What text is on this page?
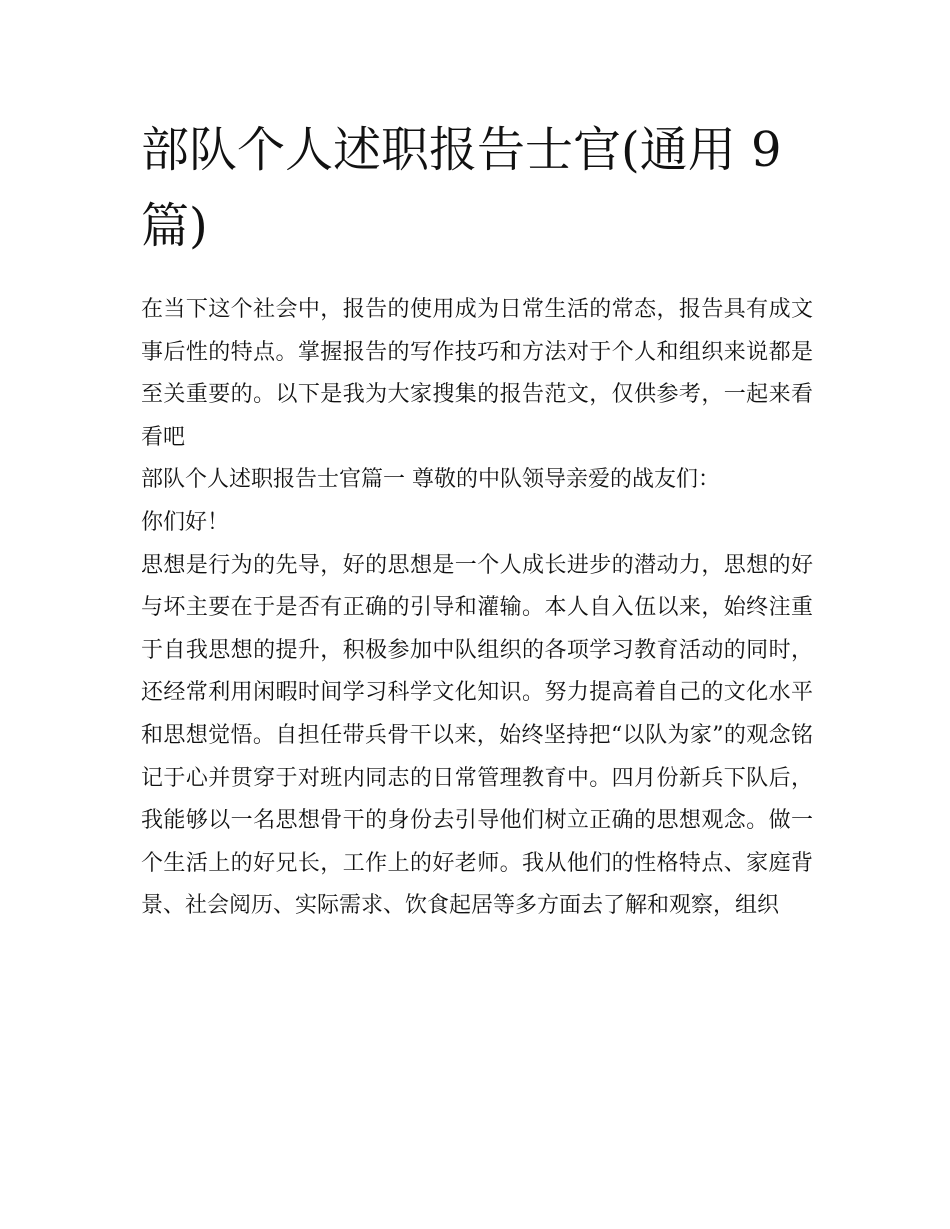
部队个人述职报告士官(通用 9 篇)

在当下这个社会中，报告的使用成为日常生活的常态，报告具有成文事后性的特点。掌握报告的写作技巧和方法对于个人和组织来说都是至关重要的。以下是我为大家搜集的报告范文，仅供参考，一起来看看吧

部队个人述职报告士官篇一 尊敬的中队领导亲爱的战友们：

你们好！

思想是行为的先导，好的思想是一个人成长进步的潜动力，思想的好与坏主要在于是否有正确的引导和灌输。本人自入伍以来，始终注重于自我思想的提升，积极参加中队组织的各项学习教育活动的同时，还经常利用闲暇时间学习科学文化知识。努力提高着自己的文化水平和思想觉悟。自担任带兵骨干以来，始终坚持把“以队为家”的观念铭记于心并贯穿于对班内同志的日常管理教育中。四月份新兵下队后，我能够以一名思想骨干的身份去引导他们树立正确的思想观念。做一个生活上的好兄长，工作上的好老师。我从他们的性格特点、家庭背景、社会阅历、实际需求、饮食起居等多方面去了解和观察，组织
